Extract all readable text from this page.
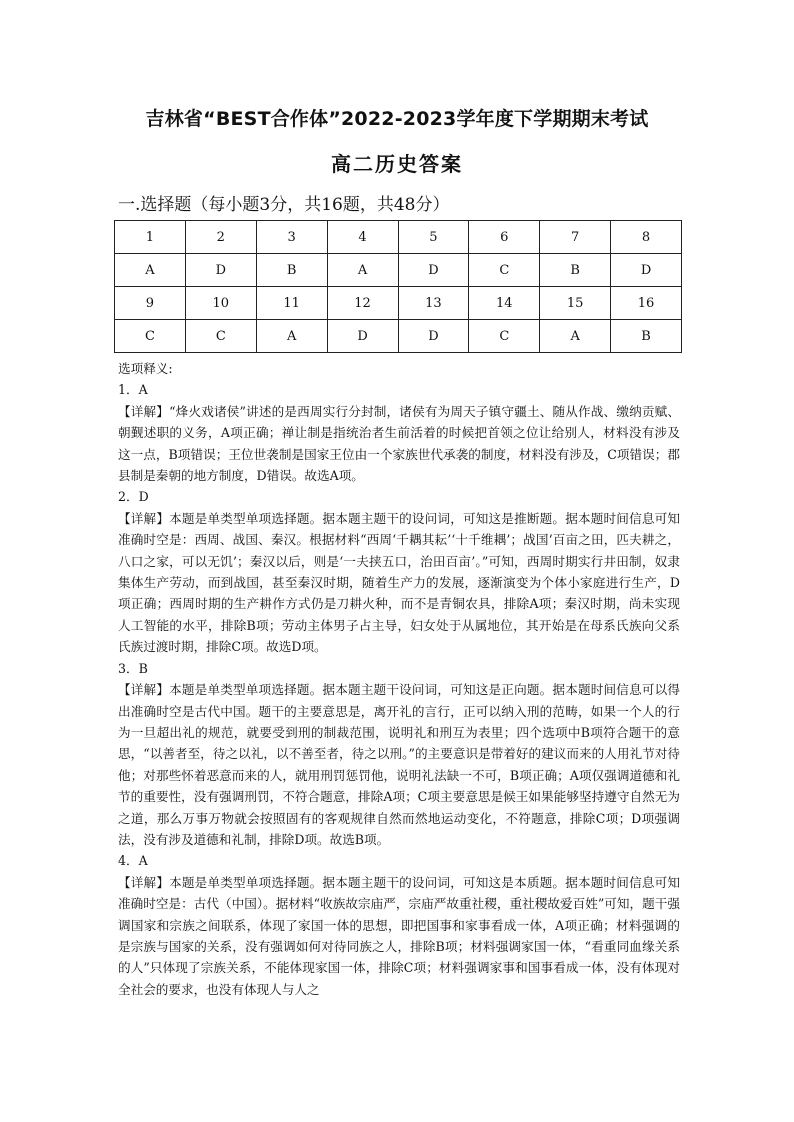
吉林省“BEST合作体”2022-2023学年度下学期期末考试
高二历史答案
一.选择题（每小题3分，共16题，共48分）
1	2	3	4	5	6	7	8
A	D	B	A	D	C	B	D
9	10	11	12	13	14	15	16
C	C	A	D	D	C	A	B

选项释义:

1．A

【详解】“烽火戏诸侯”讲述的是西周实行分封制，诸侯有为周天子镇守疆土、随从作战、缴纳贡赋、朝觐述职的义务，A项正确；禅让制是指统治者生前活着的时候把首领之位让给别人，材料没有涉及这一点，B项错误；王位世袭制是国家王位由一个家族世代承袭的制度，材料没有涉及，C项错误；郡县制是秦朝的地方制度，D错误。故选A项。

2．D

【详解】本题是单类型单项选择题。据本题主题干的设问词，可知这是推断题。据本题时间信息可知准确时空是：西周、战国、秦汉。根据材料“西周‘千耦其耘’‘十千维耦’；战国‘百亩之田，匹夫耕之，八口之家，可以无饥’；秦汉以后，则是‘一夫挟五口，治田百亩’。”可知，西周时期实行井田制，奴隶集体生产劳动，而到战国，甚至秦汉时期，随着生产力的发展，逐渐演变为个体小家庭进行生产，D项正确；西周时期的生产耕作方式仍是刀耕火种，而不是青铜农具，排除A项；秦汉时期，尚未实现人工智能的水平，排除B项；劳动主体男子占主导，妇女处于从属地位，其开始是在母系氏族向父系氏族过渡时期，排除C项。故选D项。

3．B

【详解】本题是单类型单项选择题。据本题主题干设问词，可知这是正向题。据本题时间信息可以得出准确时空是古代中国。题干的主要意思是，离开礼的言行，正可以纳入刑的范畴，如果一个人的行为一旦超出礼的规范，就要受到刑的制裁范围，说明礼和刑互为表里；四个选项中B项符合题干的意思，“以善者至，待之以礼，以不善至者，待之以刑。”的主要意识是带着好的建议而来的人用礼节对待他；对那些怀着恶意而来的人，就用刑罚惩罚他，说明礼法缺一不可，B项正确；A项仅强调道德和礼节的重要性，没有强调刑罚，不符合题意，排除A项；C项主要意思是候王如果能够坚持遵守自然无为之道，那么万事万物就会按照固有的客观规律自然而然地运动变化，不符题意，排除C项；D项强调法，没有涉及道德和礼制，排除D项。故选B项。

4．A

【详解】本题是单类型单项选择题。据本题主题干的设问词，可知这是本质题。据本题时间信息可知准确时空是：古代（中国）。据材料“收族故宗庙严，宗庙严故重社稷，重社稷故爱百姓”可知，题干强调国家和宗族之间联系，体现了家国一体的思想，即把国事和家事看成一体，A项正确；材料强调的是宗族与国家的关系，没有强调如何对待同族之人，排除B项；材料强调家国一体，“看重同血缘关系的人”只体现了宗族关系，不能体现家国一体，排除C项；材料强调家事和国事看成一体，没有体现对全社会的要求，也没有体现人与人之
